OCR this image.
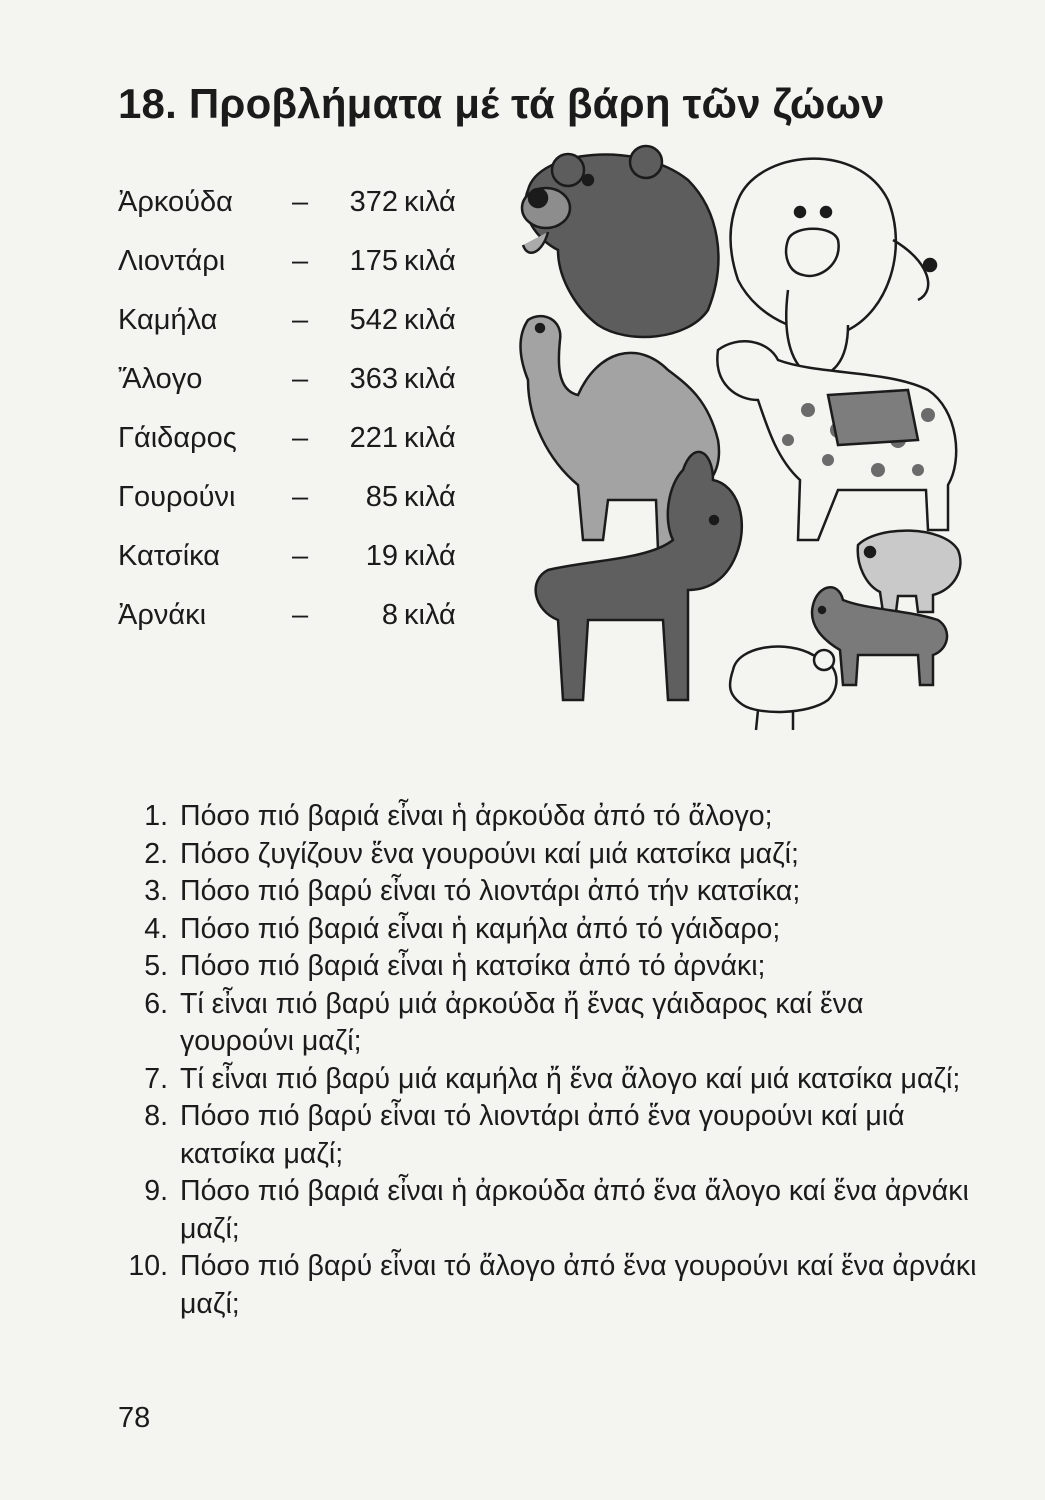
18. Προβλήματα μέ τά βάρη τῶν ζώων
Ἀρκούδα –	372 κιλά
Λιοντάρι –	175 κιλά
Καμήλα	–	542 κιλά
Ἄλογο	–	363 κιλά
Γάιδαρος –	221 κιλά
Γουρούνι –	85 κιλά
Κατσίκα –	19 κιλά
Ἀρνάκι	–	8 κιλά
1. Πόσο πιό βαριά εἶναι ἡ ἀρκούδα ἀπό τό ἄλογο;
2. Πόσο ζυγίζουν ἕνα γουρούνι καί μιά κατσίκα μαζί;
3. Πόσο πιό βαρύ εἶναι τό λιοντάρι ἀπό τήν κατσίκα;
4. Πόσο πιό βαριά εἶναι ἡ καμήλα ἀπό τό γάιδαρο;
5. Πόσο πιό βαριά εἶναι ἡ κατσίκα ἀπό τό ἀρνάκι;
6. Τί εἶναι πιό βαρύ μιά ἀρκούδα ἤ ἕνας γάιδαρος καί ἕνα γουρούνι μαζί;
7. Τί εἶναι πιό βαρύ μιά καμήλα ἤ ἕνα ἄλογο καί μιά κατσίκα μαζί;
8. Πόσο πιό βαρύ εἶναι τό λιοντάρι ἀπό ἕνα γουρούνι καί μιά κατσίκα μαζί;
9. Πόσο πιό βαριά εἶναι ἡ ἀρκούδα ἀπό ἕνα ἄλογο καί ἕνα ἀρνάκι μαζί;
10. Πόσο πιό βαρύ εἶναι τό ἄλογο ἀπό ἕνα γουρούνι καί ἕνα ἀρνάκι μαζί;
78
